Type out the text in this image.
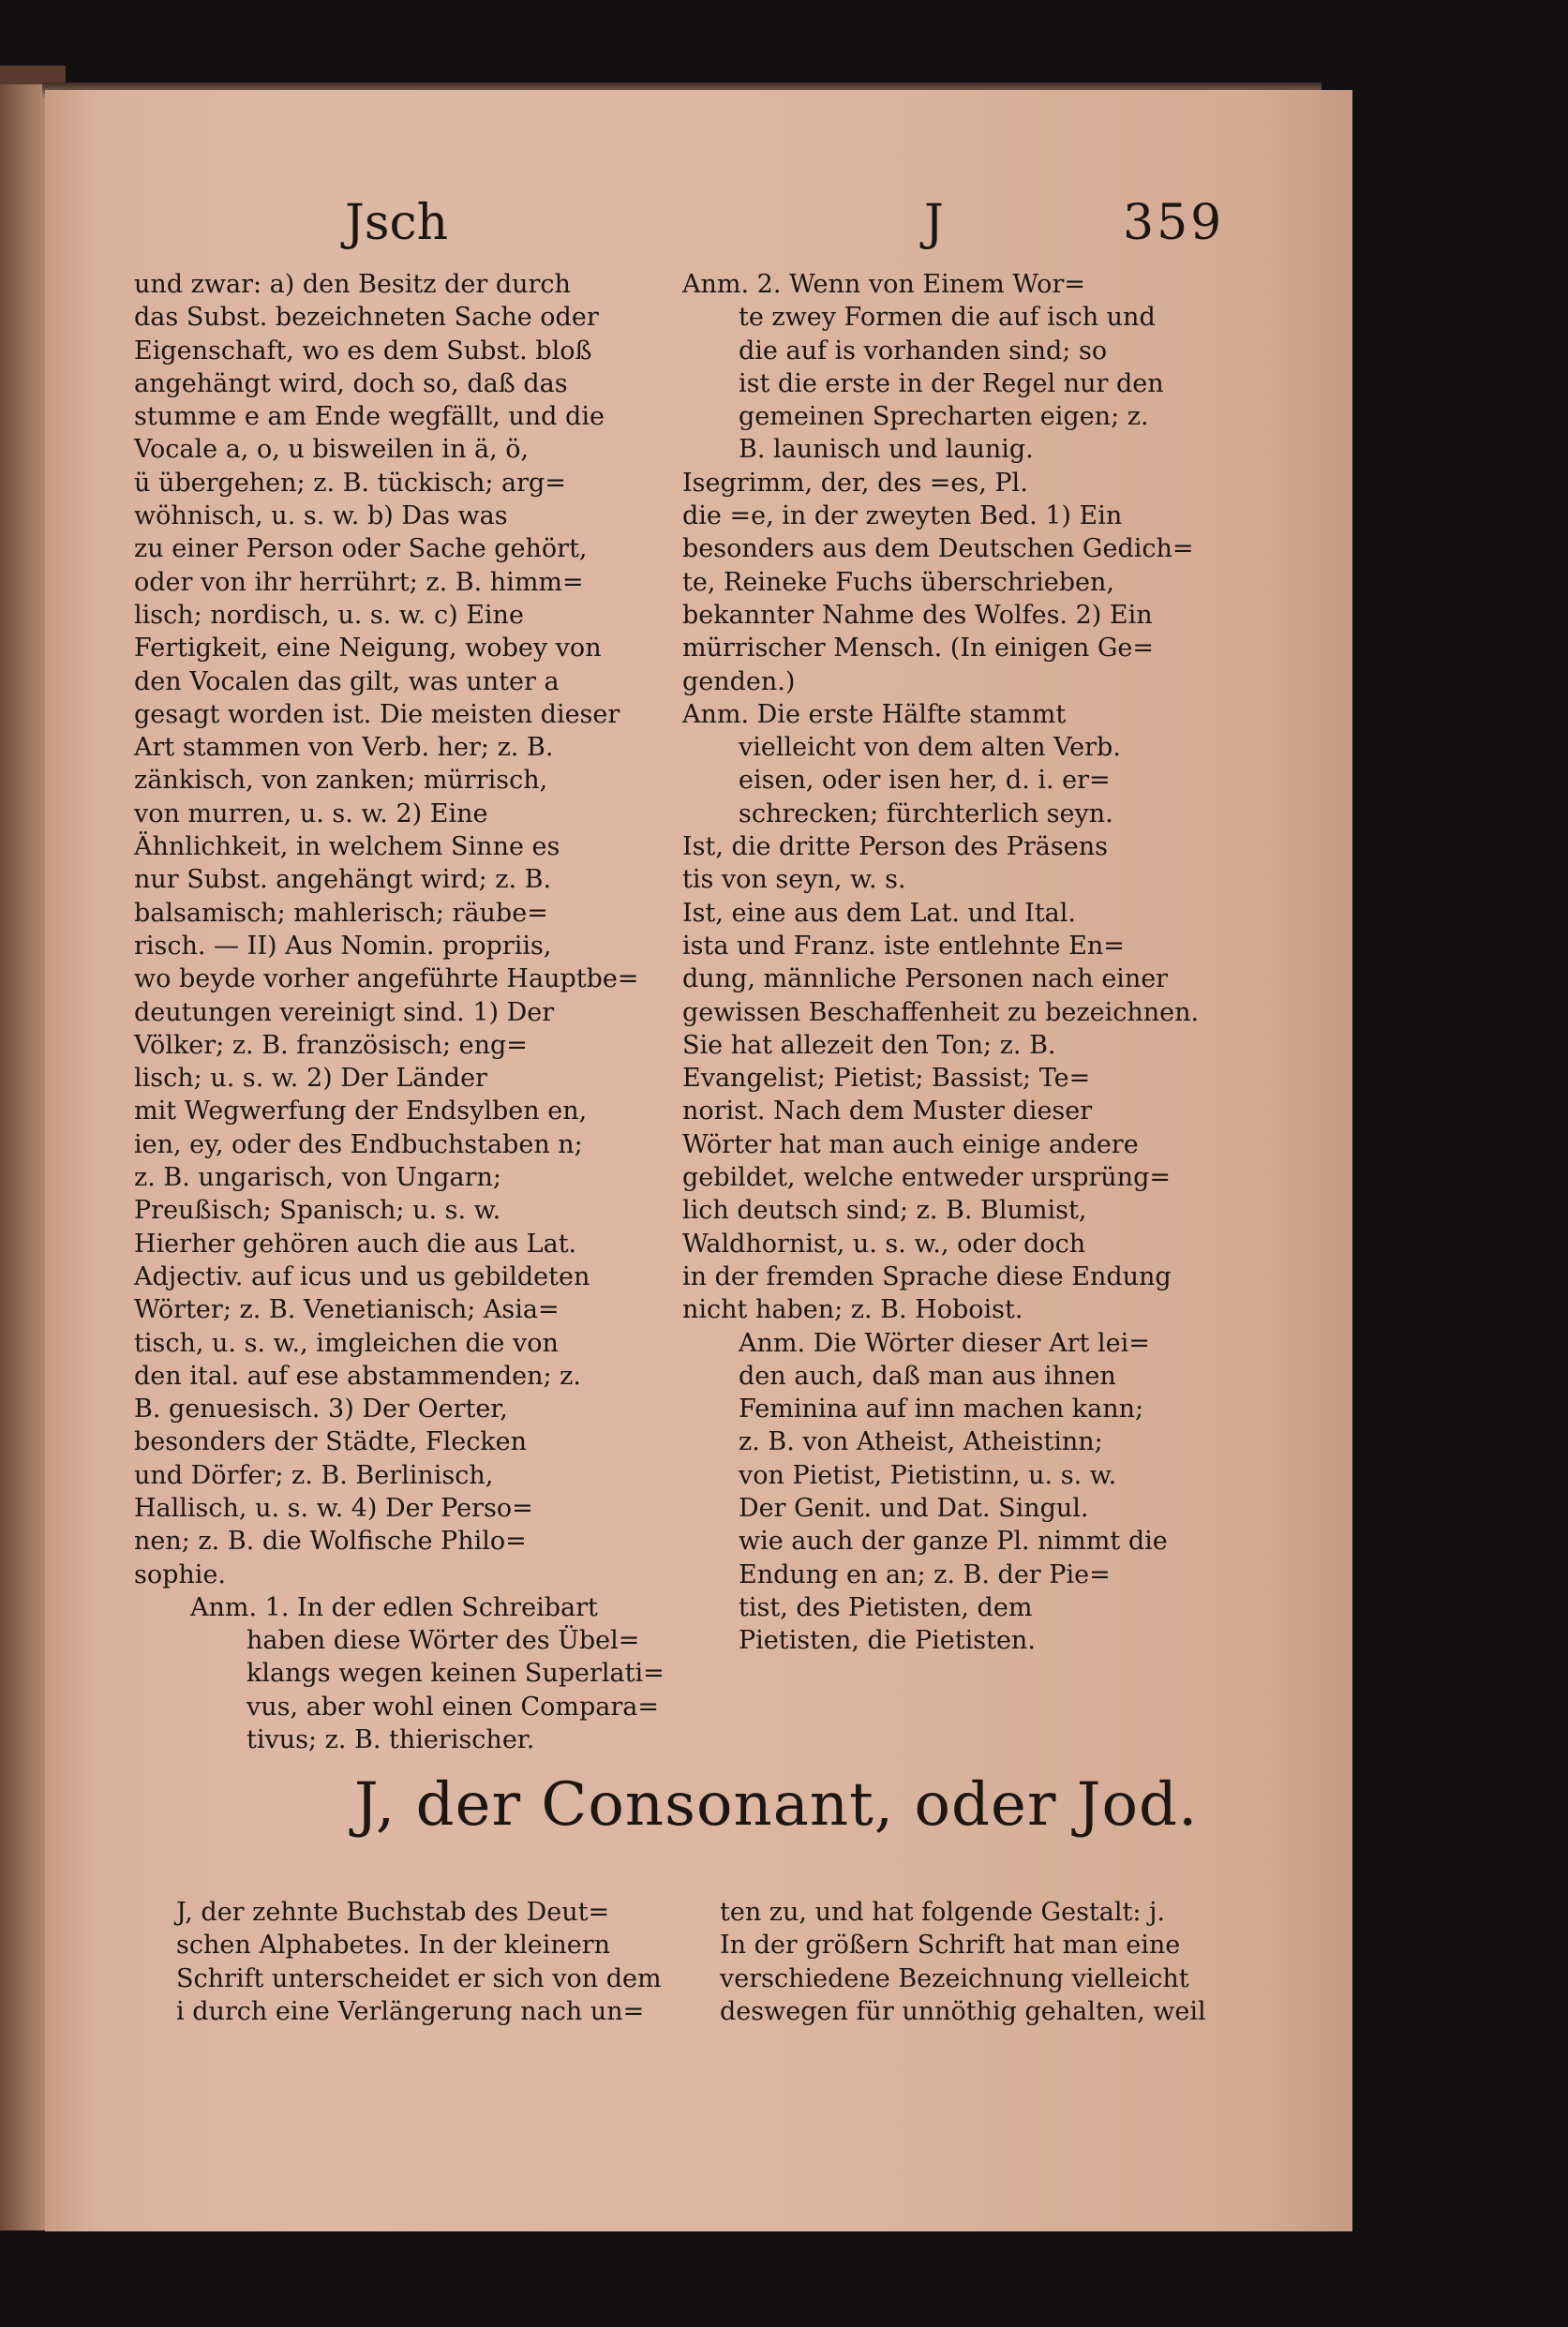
Jsch	J	359
und zwar: a) den Besitz der durch
das Subst. bezeichneten Sache oder
Eigenschaft, wo es dem Subst. bloß
angehängt wird, doch so, daß das
stumme e am Ende wegfällt, und die
Vocale a, o, u bisweilen in ä, ö,
ü übergehen; z. B. tückisch; arg=
wöhnisch, u. s. w. b) Das was
zu einer Person oder Sache gehört,
oder von ihr herrührt; z. B. himm=
lisch; nordisch, u. s. w. c) Eine
Fertigkeit, eine Neigung, wobey von
den Vocalen das gilt, was unter a
gesagt worden ist. Die meisten dieser
Art stammen von Verb. her; z. B.
zänkisch, von zanken; mürrisch,
von murren, u. s. w. 2) Eine
Ähnlichkeit, in welchem Sinne es
nur Subst. angehängt wird; z. B.
balsamisch; mahlerisch; räube=
risch. — II) Aus Nomin. propriis,
wo beyde vorher angeführte Hauptbe=
deutungen vereinigt sind. 1) Der
Völker; z. B. französisch; eng=
lisch; u. s. w. 2) Der Länder
mit Wegwerfung der Endsylben en,
ien, ey, oder des Endbuchstaben n;
z. B. ungarisch, von Ungarn;
Preußisch; Spanisch; u. s. w.
Hierher gehören auch die aus Lat.
Adjectiv. auf icus und us gebildeten
Wörter; z. B. Venetianisch; Asia=
tisch, u. s. w., imgleichen die von
den ital. auf ese abstammenden; z.
B. genuesisch. 3) Der Oerter,
besonders der Städte, Flecken
und Dörfer; z. B. Berlinisch,
Hallisch, u. s. w. 4) Der Perso=
nen; z. B. die Wolfische Philo=
sophie.
Anm. 1. In der edlen Schreibart
haben diese Wörter des Übel=
klangs wegen keinen Superlati=
vus, aber wohl einen Compara=
tivus; z. B. thierischer.
Anm. 2. Wenn von Einem Wor=
te zwey Formen die auf isch und
die auf is vorhanden sind; so
ist die erste in der Regel nur den
gemeinen Sprecharten eigen; z.
B. launisch und launig.
Isegrimm, der, des =es, Pl.
die =e, in der zweyten Bed. 1) Ein
besonders aus dem Deutschen Gedich=
te, Reineke Fuchs überschrieben,
bekannter Nahme des Wolfes. 2) Ein
mürrischer Mensch. (In einigen Ge=
genden.)
Anm. Die erste Hälfte stammt
vielleicht von dem alten Verb.
eisen, oder isen her, d. i. er=
schrecken; fürchterlich seyn.
Ist, die dritte Person des Präsens
tis von seyn, w. s.
Ist, eine aus dem Lat. und Ital.
ista und Franz. iste entlehnte En=
dung, männliche Personen nach einer
gewissen Beschaffenheit zu bezeichnen.
Sie hat allezeit den Ton; z. B.
Evangelist; Pietist; Bassist; Te=
norist. Nach dem Muster dieser
Wörter hat man auch einige andere
gebildet, welche entweder ursprüng=
lich deutsch sind; z. B. Blumist,
Waldhornist, u. s. w., oder doch
in der fremden Sprache diese Endung
nicht haben; z. B. Hoboist.
Anm. Die Wörter dieser Art lei=
den auch, daß man aus ihnen
Feminina auf inn machen kann;
z. B. von Atheist, Atheistinn;
von Pietist, Pietistinn, u. s. w.
Der Genit. und Dat. Singul.
wie auch der ganze Pl. nimmt die
Endung en an; z. B. der Pie=
tist, des Pietisten, dem
Pietisten, die Pietisten.
J, der Consonant, oder Jod.
J, der zehnte Buchstab des Deut=
schen Alphabetes. In der kleinern
Schrift unterscheidet er sich von dem
i durch eine Verlängerung nach un=
ten zu, und hat folgende Gestalt: j.
In der größern Schrift hat man eine
verschiedene Bezeichnung vielleicht
deswegen für unnöthig gehalten, weil
